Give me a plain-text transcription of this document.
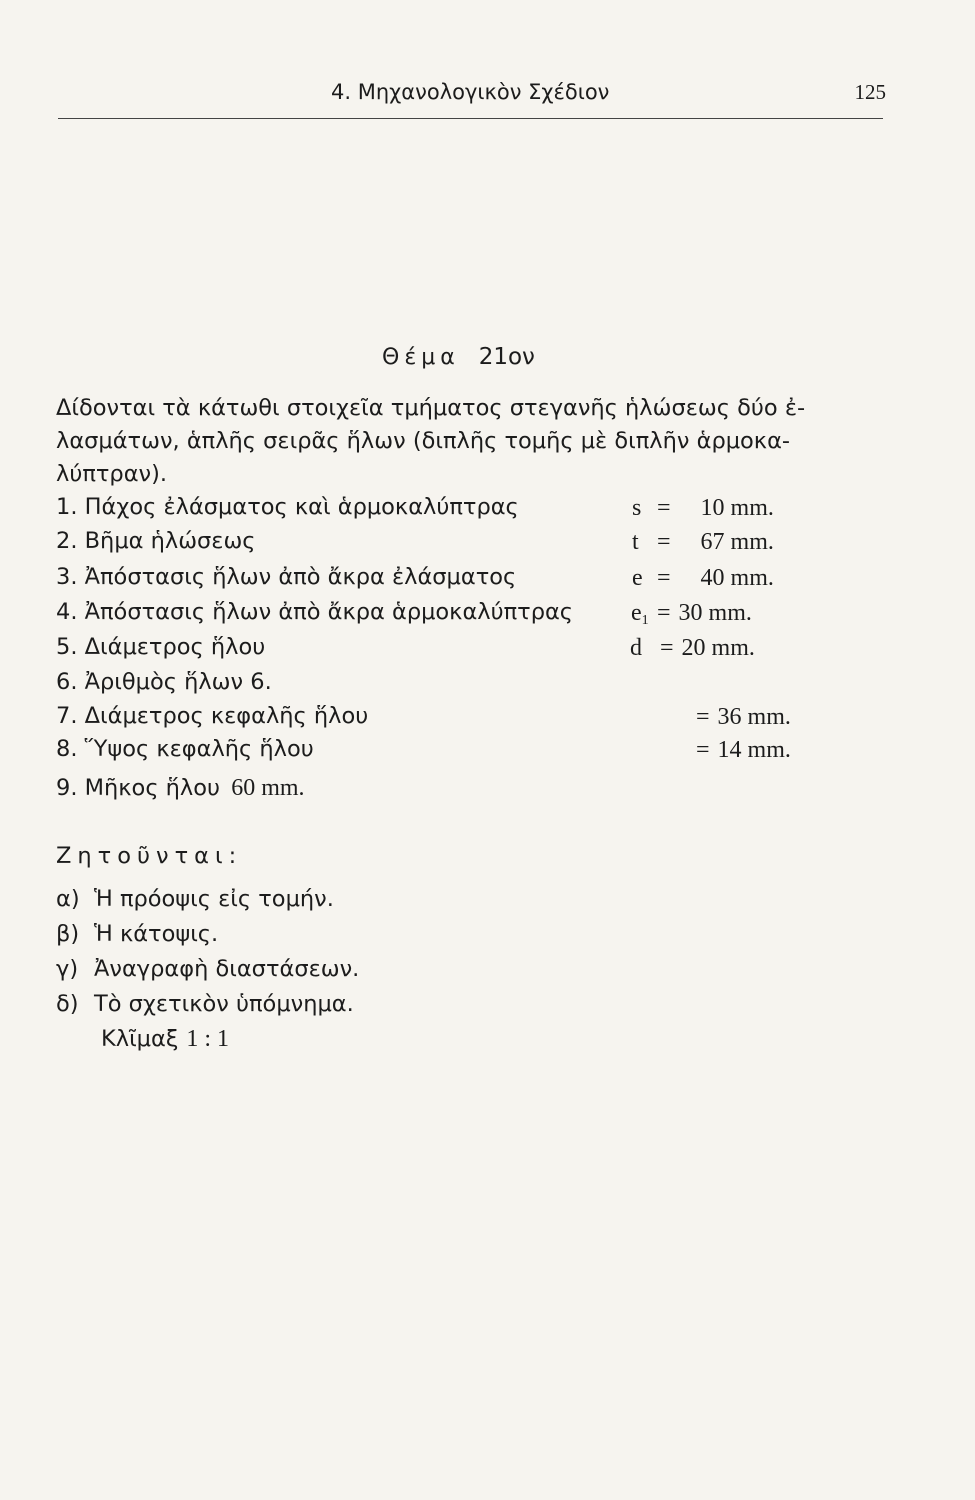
4. Μηχανολογικὸν Σχέδιον	125
Θέμα 21ον
Δίδονται τὰ κάτωθι στοιχεῖα τμήματος στεγανῆς ἡλώσεως δύο ἐ-
λασμάτων, ἁπλῆς σειρᾶς ἥλων (διπλῆς τομῆς μὲ διπλῆν ἁρμοκα-
λύπτραν).
1. Πάχος ἐλάσματος καὶ ἁρμοκαλύπτρας	s = 10 mm.
2. Βῆμα ἡλώσεως	t = 67 mm.
3. Ἀπόστασις ἥλων ἀπὸ ἄκρα ἐλάσματος	e = 40 mm.
4. Ἀπόστασις ἥλων ἀπὸ ἄκρα ἁρμοκαλύπτρας $e_1 = 30$ mm.
5. Διάμετρος ἥλου	d = 20 mm.
6. Ἀριθμὸς ἥλων 6.
7. Διάμετρος κεφαλῆς ἥλου	= 36 mm.
8. Ὕψος κεφαλῆς ἥλου	= 14 mm.
9. Μῆκος ἥλου 60 mm.
Ζητοῦνται:
α) Ἡ πρόοψις εἰς τομήν.
β) Ἡ κάτοψις.
γ) Ἀναγραφὴ διαστάσεων.
δ) Τὸ σχετικὸν ὑπόμνημα.
Κλῖμαξ 1 : 1
